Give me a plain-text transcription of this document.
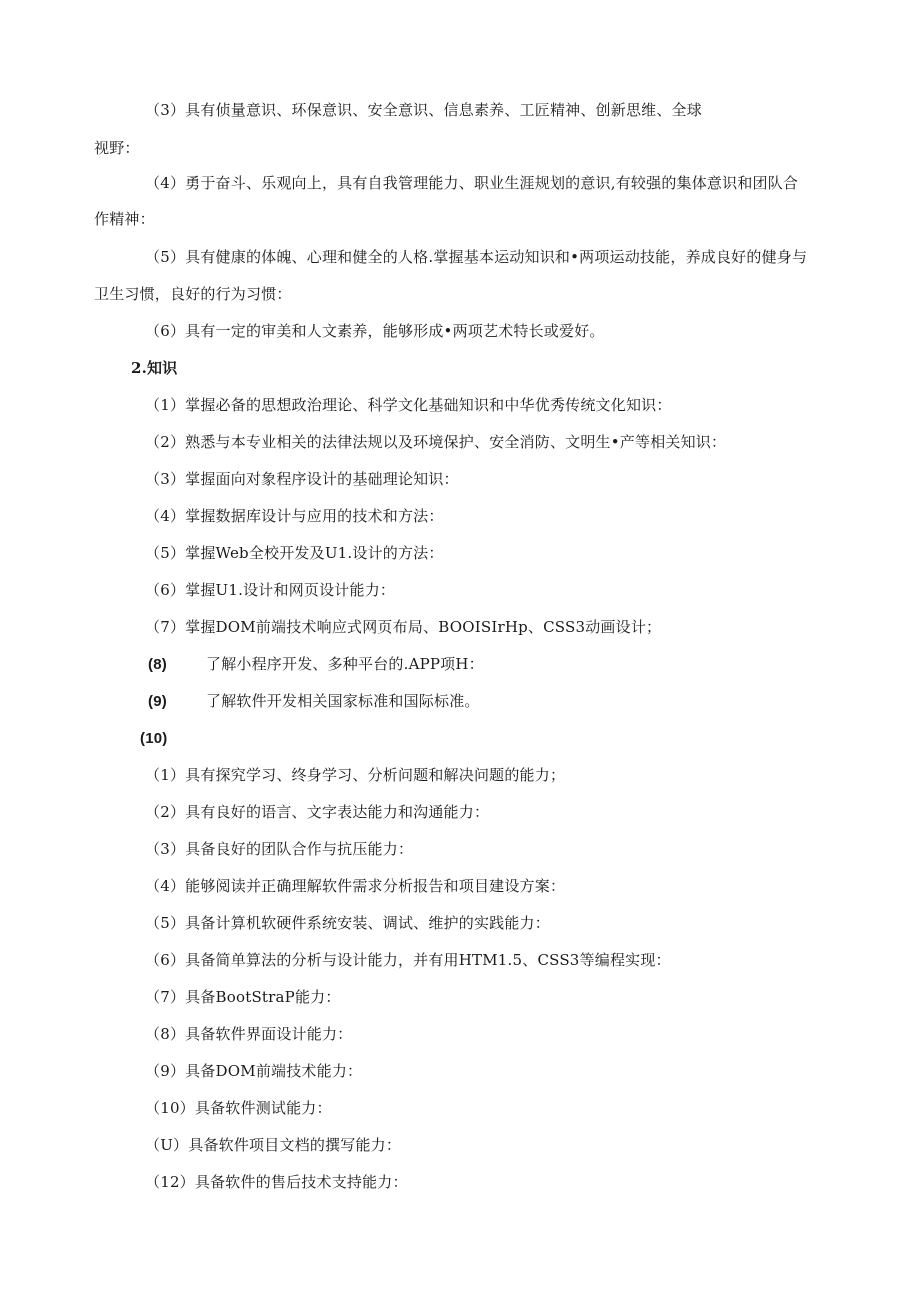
（3）具有侦量意识、环保意识、安全意识、信息素养、工匠精神、创新思维、全球
视野：
（4）勇于奋斗、乐观向上，具有自我管理能力、职业生涯规划的意识,有较强的集体意识和团队合
作精神：
（5）具有健康的体魄、心理和健全的人格.掌握基本运动知识和•两项运动技能，养成良好的健身与
卫生习惯，良好的行为习惯：
（6）具有一定的审美和人文素养，能够形成•两项艺术特长或爱好。
2.知识
（1）掌握必备的思想政治理论、科学文化基础知识和中华优秀传统文化知识：
（2）熟悉与本专业相关的法律法规以及环境保护、安全消防、文明生•产等相关知识：
（3）掌握面向对象程序设计的基础理论知识：
（4）掌握数据库设计与应用的技术和方法：
（5）掌握Web全校开发及U1.设计的方法：
（6）掌握U1.设计和网页设计能力：
（7）掌握DOM前端技术响应式网页布局、BOOISIrHp、CSS3动画设计；
(8)	了解小程序开发、多种平台的.APP项H：
(9)	了解软件开发相关国家标准和国际标准。
(10)
（1）具有探究学习、终身学习、分析问题和解决问题的能力；
（2）具有良好的语言、文字表达能力和沟通能力：
（3）具备良好的团队合作与抗压能力：
（4）能够阅读并正确理解软件需求分析报告和项目建设方案：
（5）具备计算机软硬件系统安装、调试、维护的实践能力：
（6）具备简单算法的分析与设计能力，并有用HTM1.5、CSS3等编程实现：
（7）具备BootStraP能力：
（8）具备软件界面设计能力：
（9）具备DOM前端技术能力：
（10）具备软件测试能力：
（U）具备软件项目文档的撰写能力：
（12）具备软件的售后技术支持能力：
